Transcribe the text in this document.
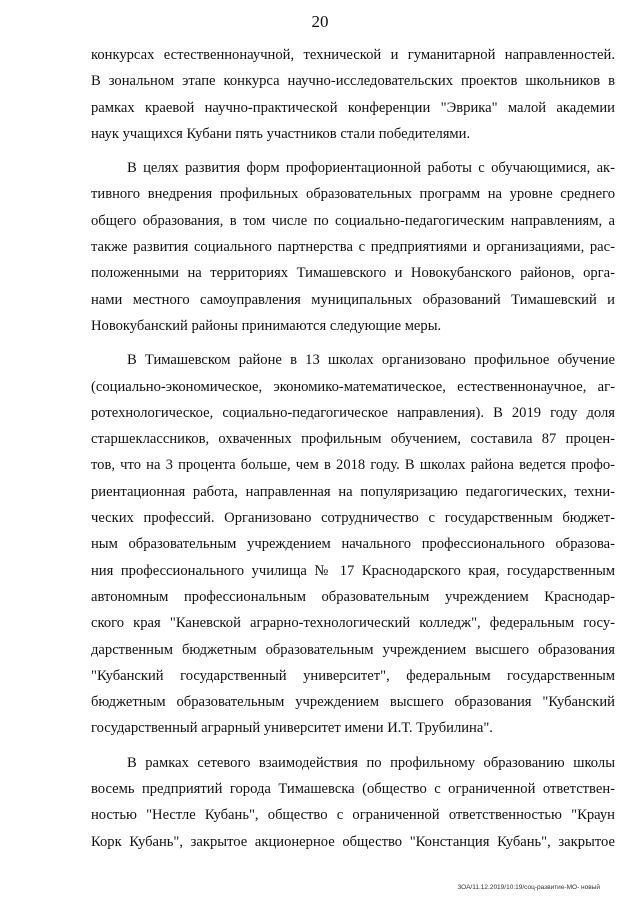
20
конкурсах естественнонаучной, технической и гуманитарной направленностей.
В зональном этапе конкурса научно-исследовательских проектов школьников в
рамках краевой научно-практической конференции "Эврика" малой академии
наук учащихся Кубани пять участников стали победителями.
В целях развития форм профориентационной работы с обучающимися, ак-
тивного внедрения профильных образовательных программ на уровне среднего
общего образования, в том числе по социально-педагогическим направлениям, а
также развития социального партнерства с предприятиями и организациями, рас-
положенными на территориях Тимашевского и Новокубанского районов, орга-
нами местного самоуправления муниципальных образований Тимашевский и
Новокубанский районы принимаются следующие меры.
В Тимашевском районе в 13 школах организовано профильное обучение
(социально-экономическое, экономико-математическое, естественнонаучное, аг-
ротехнологическое, социально-педагогическое направления). В 2019 году доля
старшеклассников, охваченных профильным обучением, составила 87 процен-
тов, что на 3 процента больше, чем в 2018 году. В школах района ведется профо-
риентационная работа, направленная на популяризацию педагогических, техни-
ческих профессий. Организовано сотрудничество с государственным бюджет-
ным образовательным учреждением начального профессионального образова-
ния профессионального училища № 17 Краснодарского края, государственным
автономным профессиональным образовательным учреждением Краснодар-
ского края "Каневской аграрно-технологический колледж", федеральным госу-
дарственным бюджетным образовательным учреждением высшего образования
"Кубанский государственный университет", федеральным государственным
бюджетным образовательным учреждением высшего образования "Кубанский
государственный аграрный университет имени И.Т. Трубилина".
В рамках сетевого взаимодействия по профильному образованию школы
восемь предприятий города Тимашевска (общество с ограниченной ответствен-
ностью "Нестле Кубань", общество с ограниченной ответственностью "Краун
Корк Кубань", закрытое акционерное общество "Констанция Кубань", закрытое
ЗОА/11.12.2019/10:19/соц-развитие-МО- новый
